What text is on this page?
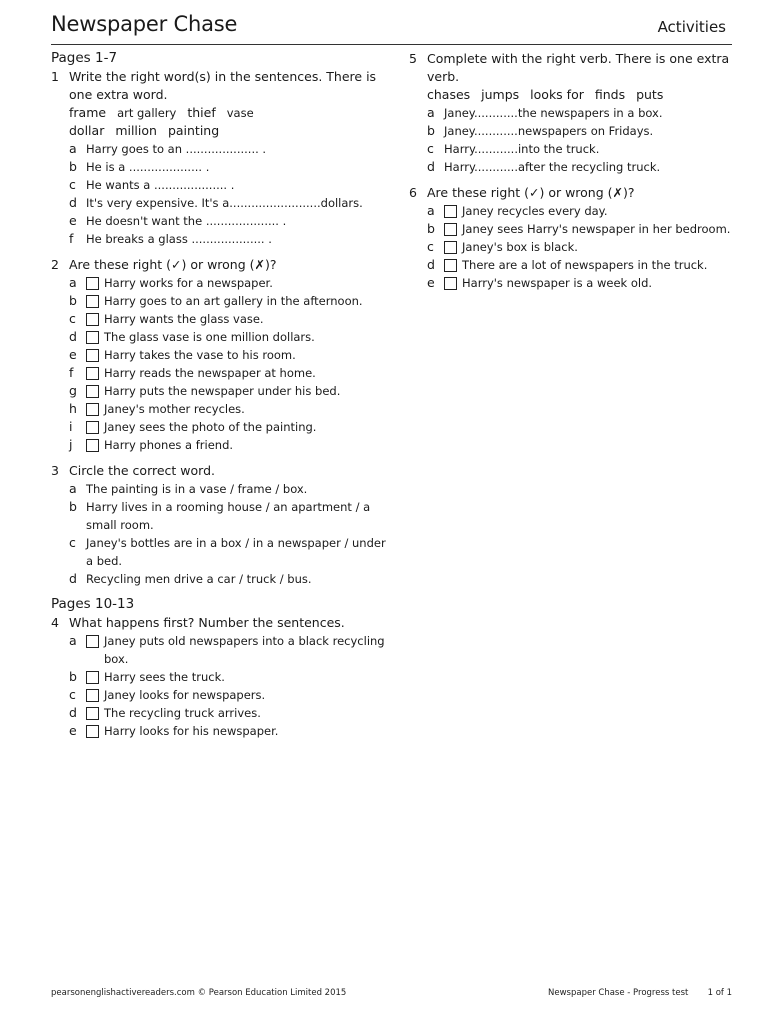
Newspaper Chase	Activities
Pages 1-7
1 Write the right word(s) in the sentences. There is one extra word.
frame art gallery thief vase
dollar million painting
a Harry goes to an .................... .
b He is a .................... .
c He wants a .................... .
d It's very expensive. It's a.........................dollars.
e He doesn't want the .................... .
f	He breaks a glass .................... .
2 Are these right (✓) or wrong (✗)?
a	Harry works for a newspaper.
b	Harry goes to an art gallery in the afternoon.
c	Harry wants the glass vase.
d	The glass vase is one million dollars.
e	Harry takes the vase to his room.
f	Harry reads the newspaper at home.
g	Harry puts the newspaper under his bed.
h	Janey's mother recycles.
i	Janey sees the photo of the painting.
j	Harry phones a friend.
3 Circle the correct word.
a The painting is in a vase / frame / box.
b Harry lives in a rooming house / an apartment / a small room.
c Janey's bottles are in a box / in a newspaper / under a bed.
d Recycling men drive a car / truck / bus.
Pages 10-13
4 What happens first? Number the sentences.
a	Janey puts old newspapers into a black recycling box.
b	Harry sees the truck.
c	Janey looks for newspapers.
d	The recycling truck arrives.
e	Harry looks for his newspaper.
5 Complete with the right verb. There is one extra verb.
chases jumps looks for finds puts
a Janey............the newspapers in a box.
b Janey............newspapers on Fridays.
c Harry............into the truck.
d Harry............after the recycling truck.
6 Are these right (✓) or wrong (✗)?
a	Janey recycles every day.
b	Janey sees Harry's newspaper in her bedroom.
c	Janey's box is black.
d	There are a lot of newspapers in the truck.
e	Harry's newspaper is a week old.
pearsonenglishactivereaders.com © Pearson Education Limited 2015	Newspaper Chase - Progress test 1 of 1
